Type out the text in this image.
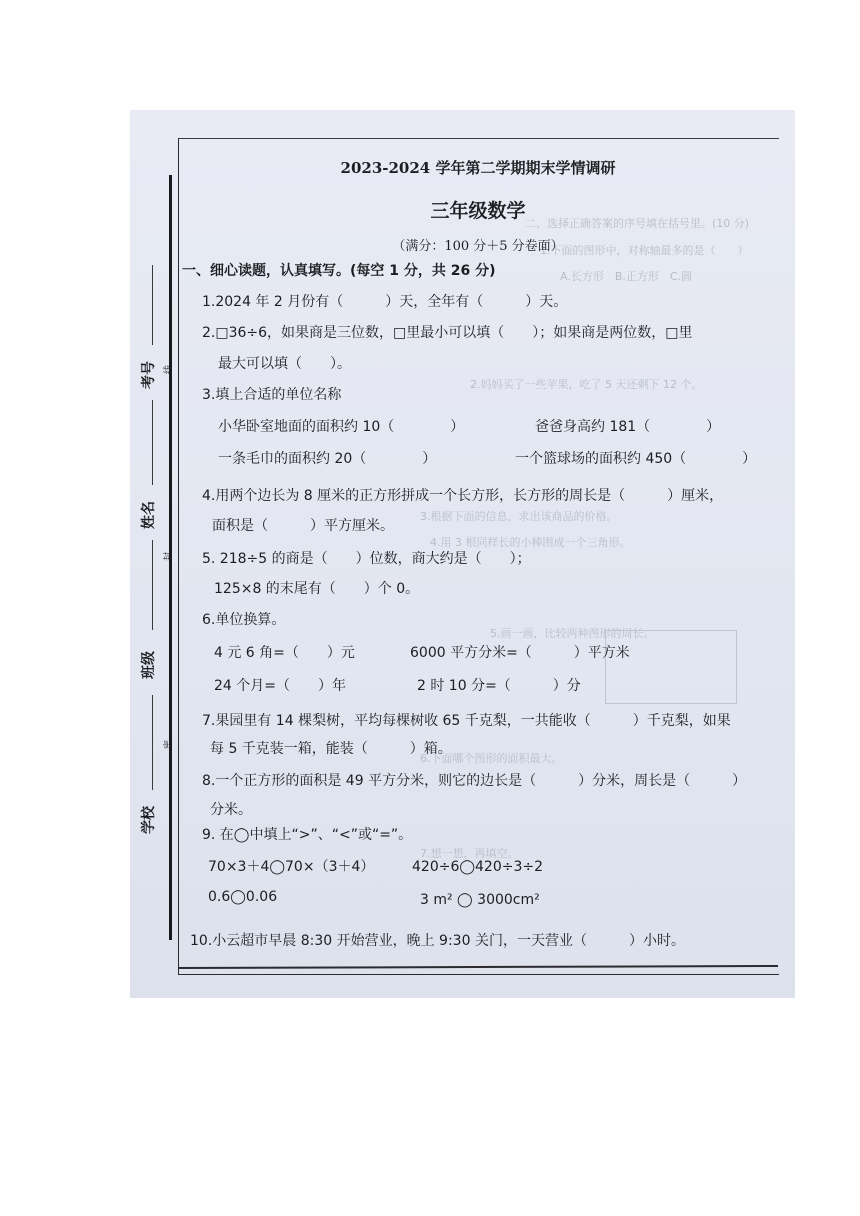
二、选择正确答案的序号填在括号里。(10 分)
1.下面的图形中，对称轴最多的是（　　）
A.长方形　B.正方形　C.圆
2.妈妈买了一些苹果，吃了 5 天还剩下 12 个。
3.根据下面的信息，求出该商品的价格。
4.用 3 根同样长的小棒围成一个三角形。
5.画一画，比较两种图形的周长。
6.下面哪个图形的面积最大。
7.想一想，再填空。
考号
姓名
班级
学校
线
封
密
2023-2024 学年第二学期期末学情调研
三年级数学
（满分：100 分＋5 分卷面）
一、细心读题，认真填写。(每空 1 分，共 26 分)
1.2024 年 2 月份有（　　　）天，全年有（　　　）天。
2.□36÷6，如果商是三位数，□里最小可以填（　　）；如果商是两位数，□里
最大可以填（　　）。
3.填上合适的单位名称
小华卧室地面的面积约 10（　　　　）	爸爸身高约 181（　　　　）
一条毛巾的面积约 20（　　　　）	一个篮球场的面积约 450（　　　　）
4.用两个边长为 8 厘米的正方形拼成一个长方形，长方形的周长是（　　　）厘米，
面积是（　　　）平方厘米。
5. 218÷5 的商是（　　）位数，商大约是（　　）；
125×8 的末尾有（　　）个 0。
6.单位换算。
4 元 6 角=（　　）元	6000 平方分米=（　　　）平方米
24 个月=（　　）年	2 时 10 分=（　　　）分
7.果园里有 14 棵梨树，平均每棵树收 65 千克梨，一共能收（　　　）千克梨，如果
每 5 千克装一箱，能装（　　　）箱。
8.一个正方形的面积是 49 平方分米，则它的边长是（　　　）分米，周长是（　　　）
分米。
9. 在◯中填上“>”、“<”或“=”。
70×3＋4◯70×（3＋4）	420÷6◯420÷3÷2
0.6◯0.06	3 m² ◯ 3000cm²
10.小云超市早晨 8:30 开始营业，晚上 9:30 关门，一天营业（　　　）小时。
